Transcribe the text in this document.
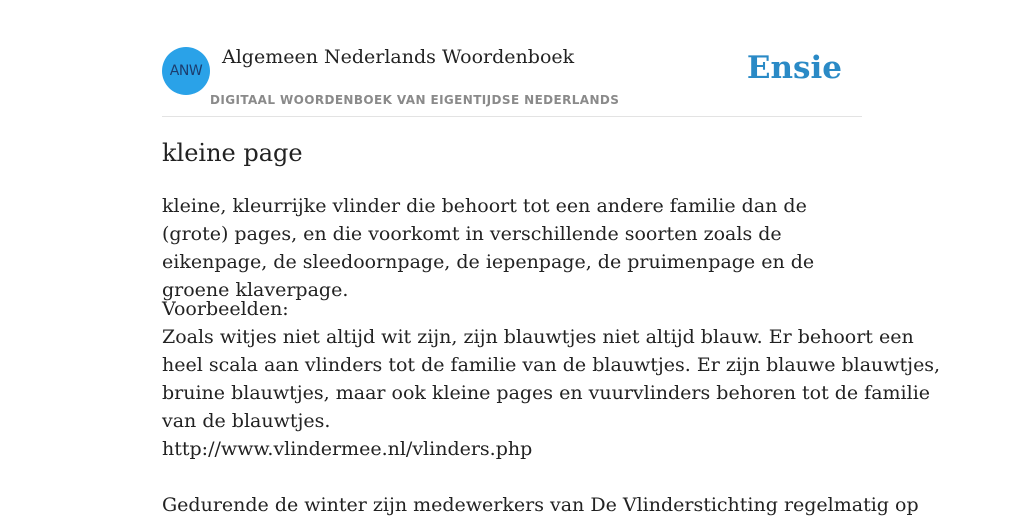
ANW
Algemeen Nederlands Woordenboek
DIGITAAL WOORDENBOEK VAN EIGENTIJDSE NEDERLANDS
Ensie
kleine page
kleine, kleurrijke vlinder die behoort tot een andere familie dan de (grote) pages, en die voorkomt in verschillende soorten zoals de eikenpage, de sleedoornpage, de iepenpage, de pruimenpage en de groene klaverpage.
Voorbeelden:
Zoals witjes niet altijd wit zijn, zijn blauwtjes niet altijd blauw. Er behoort een
heel scala aan vlinders tot de familie van de blauwtjes. Er zijn blauwe blauwtjes,
bruine blauwtjes, maar ook kleine pages en vuurvlinders behoren tot de familie
van de blauwtjes.
http://www.vlindermee.nl/vlinders.php
Gedurende de winter zijn medewerkers van De Vlinderstichting regelmatig op
